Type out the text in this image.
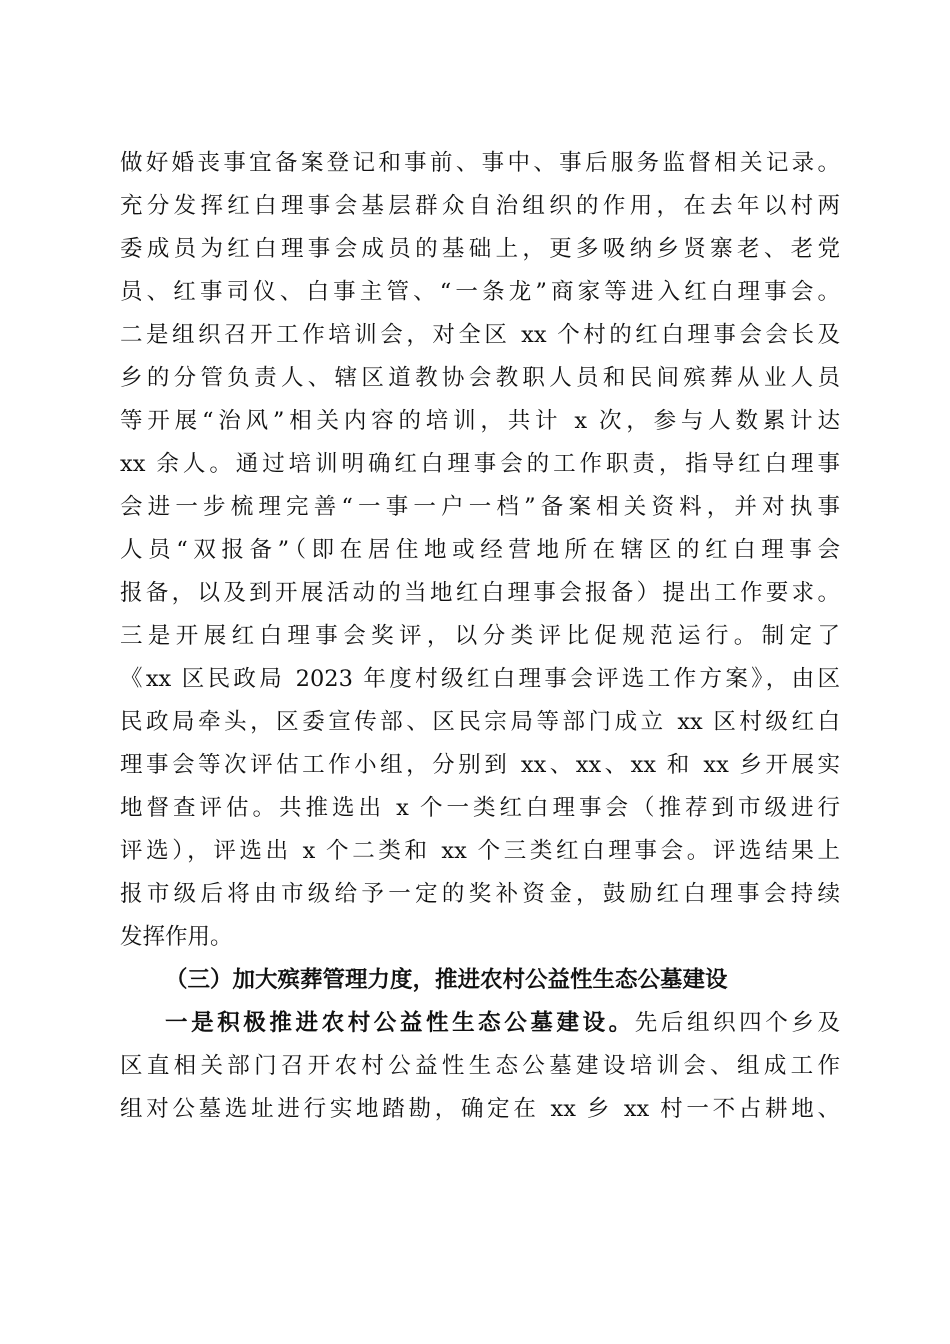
做好婚丧事宜备案登记和事前、事中、事后服务监督相关记录。
充分发挥红白理事会基层群众自治组织的作用，在去年以村两
委成员为红白理事会成员的基础上，更多吸纳乡贤寨老、老党
员、红事司仪、白事主管、“一条龙”商家等进入红白理事会。
二是组织召开工作培训会，对全区 xx 个村的红白理事会会长及
乡的分管负责人、辖区道教协会教职人员和民间殡葬从业人员
等开展“治风”相关内容的培训，共计 x 次，参与人数累计达
xx 余人。通过培训明确红白理事会的工作职责，指导红白理事
会进一步梳理完善“一事一户一档”备案相关资料，并对执事
人员“双报备”（即在居住地或经营地所在辖区的红白理事会
报备，以及到开展活动的当地红白理事会报备）提出工作要求。
三是开展红白理事会奖评，以分类评比促规范运行。制定了
《xx 区民政局 2023 年度村级红白理事会评选工作方案》，由区
民政局牵头，区委宣传部、区民宗局等部门成立 xx 区村级红白
理事会等次评估工作小组，分别到 xx、xx、xx 和 xx 乡开展实
地督查评估。共推选出 x 个一类红白理事会（推荐到市级进行
评选），评选出 x 个二类和 xx 个三类红白理事会。评选结果上
报市级后将由市级给予一定的奖补资金，鼓励红白理事会持续
发挥作用。
（三）加大殡葬管理力度，推进农村公益性生态公墓建设
一是积极推进农村公益性生态公墓建设。先后组织四个乡及
区直相关部门召开农村公益性生态公墓建设培训会、组成工作
组对公墓选址进行实地踏勘，确定在 xx 乡 xx 村一不占耕地、
